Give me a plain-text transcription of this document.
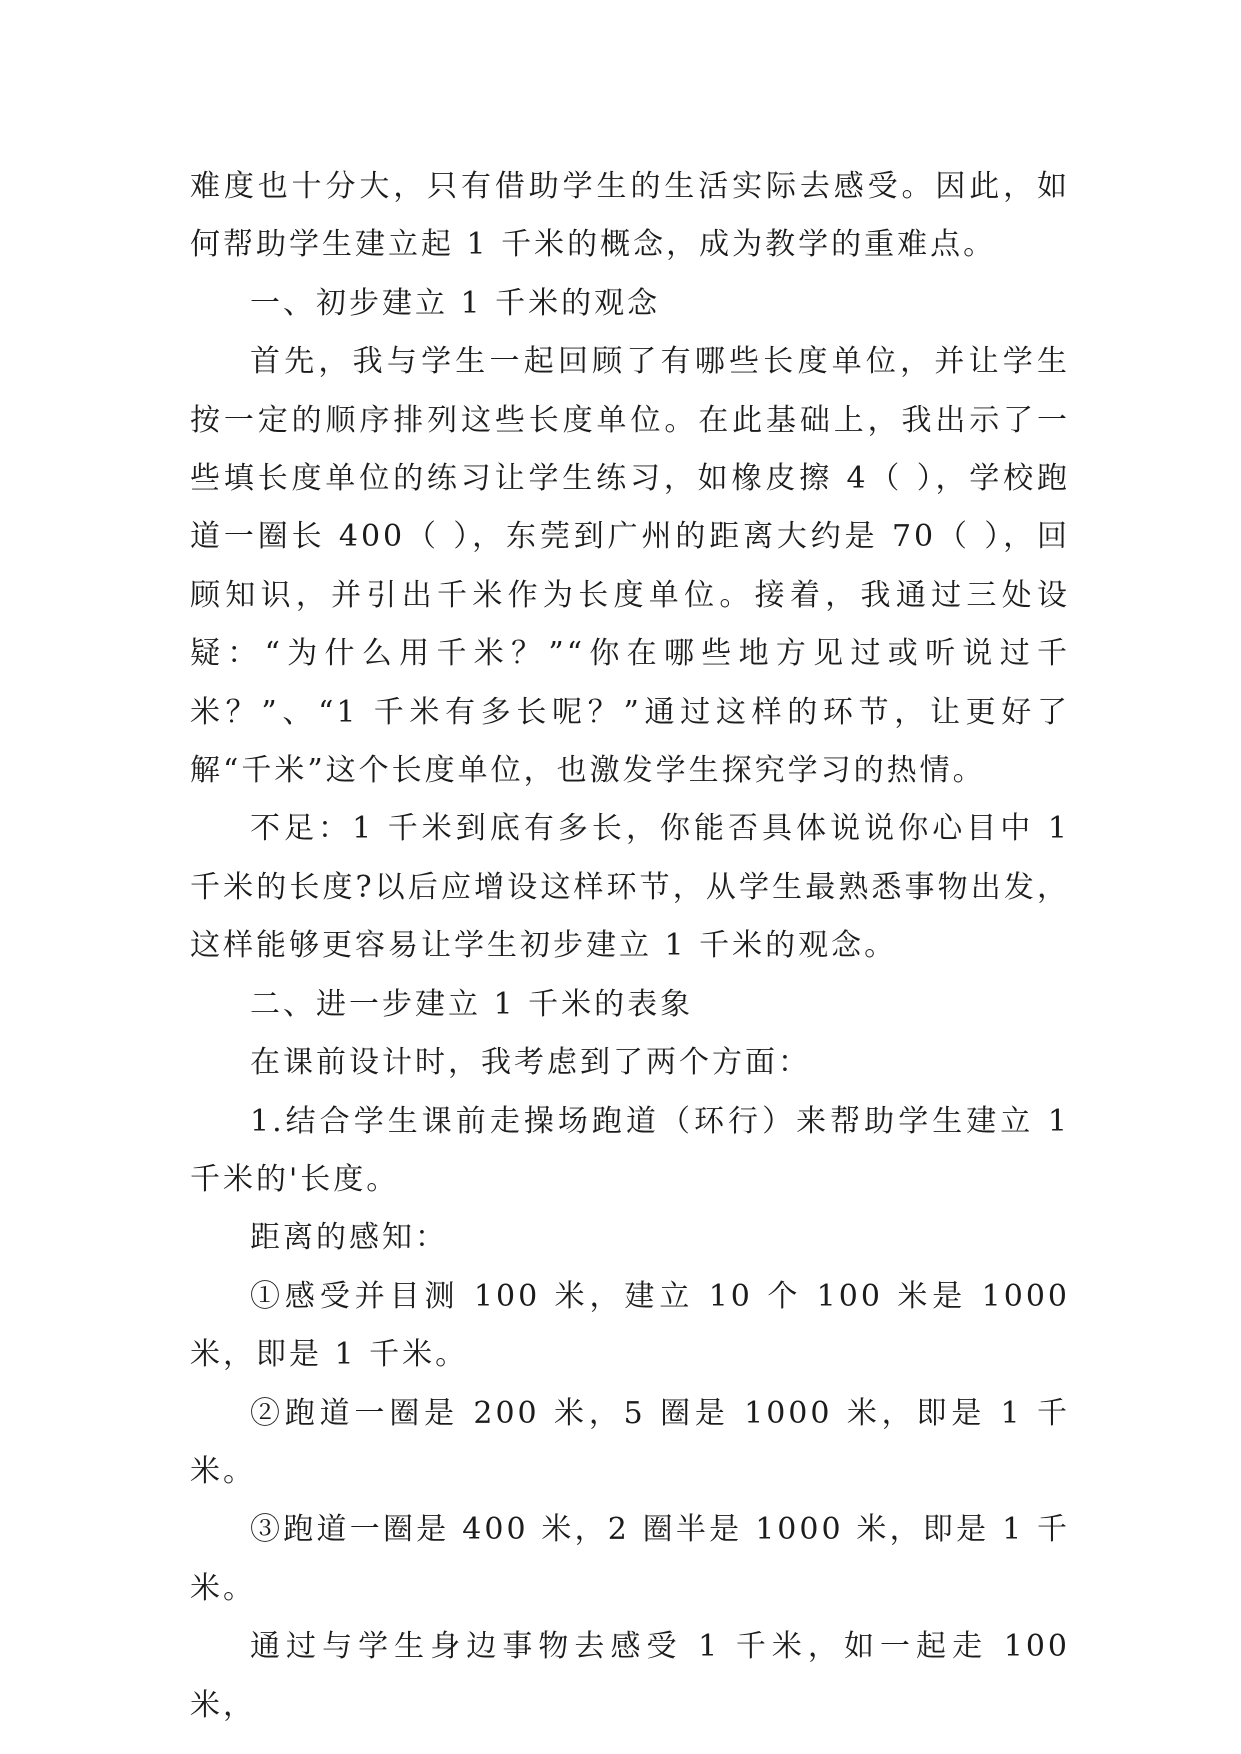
难度也十分大，只有借助学生的生活实际去感受。因此，如何帮助学生建立起 1 千米的概念，成为教学的重难点。

一、初步建立 1 千米的观念

首先，我与学生一起回顾了有哪些长度单位，并让学生按一定的顺序排列这些长度单位。在此基础上，我出示了一些填长度单位的练习让学生练习，如橡皮擦 4（ ），学校跑道一圈长 400（ ），东莞到广州的距离大约是 70（ ），回顾知识，并引出千米作为长度单位。接着，我通过三处设疑：“为什么用千米？”“你在哪些地方见过或听说过千米？”、“1 千米有多长呢？”通过这样的环节，让更好了解“千米”这个长度单位，也激发学生探究学习的热情。

不足：1 千米到底有多长，你能否具体说说你心目中 1 千米的长度?以后应增设这样环节，从学生最熟悉事物出发，这样能够更容易让学生初步建立 1 千米的观念。

二、进一步建立 1 千米的表象

在课前设计时，我考虑到了两个方面：

1.结合学生课前走操场跑道（环行）来帮助学生建立 1 千米的'长度。

距离的感知：

①感受并目测 100 米，建立 10 个 100 米是 1000 米，即是 1 千米。

②跑道一圈是 200 米，5 圈是 1000 米，即是 1 千米。

③跑道一圈是 400 米，2 圈半是 1000 米，即是 1 千米。

通过与学生身边事物去感受 1 千米，如一起走 100 米，
